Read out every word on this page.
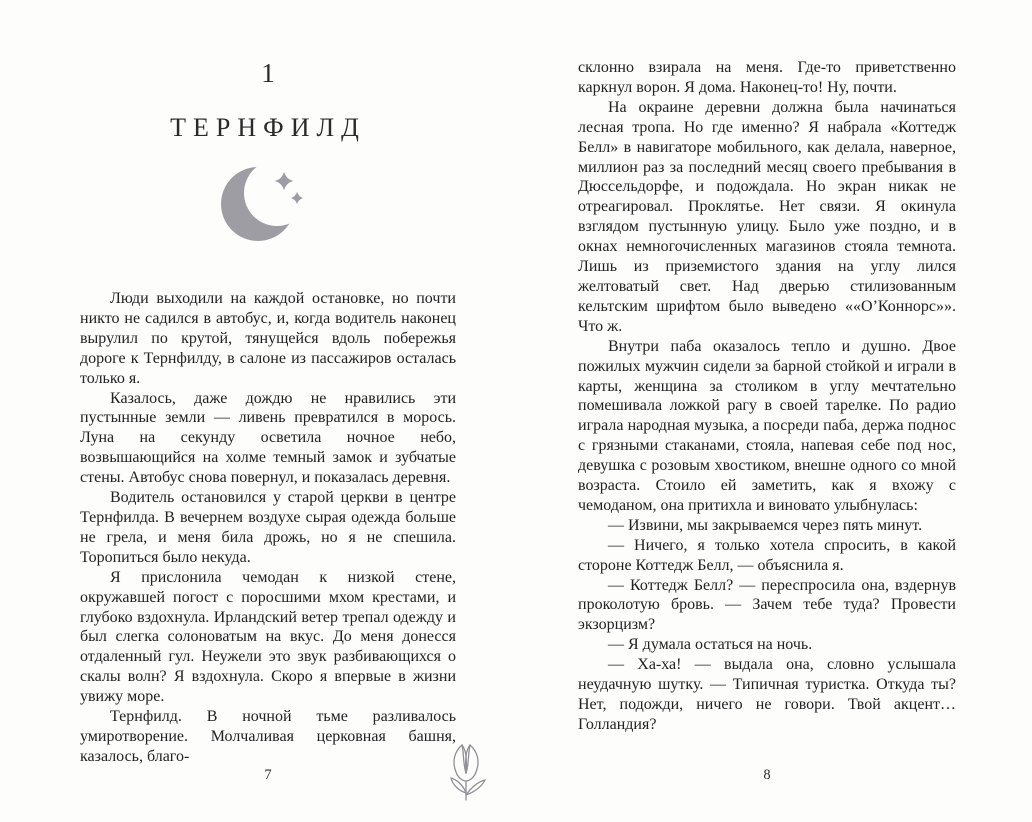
1
ТЕРНФИЛД

Люди выходили на каждой остановке, но почти никто не садился в автобус, и, когда водитель наконец вырулил по крутой, тянущейся вдоль побережья дороге к Тернфилду, в салоне из пассажиров осталась только я.

Казалось, даже дождю не нравились эти пустынные земли — ливень превратился в морось. Луна на секунду осветила ночное небо, возвышающийся на холме темный замок и зубчатые стены. Автобус снова повернул, и показалась деревня.

Водитель остановился у старой церкви в центре Тернфилда. В вечернем воздухе сырая одежда больше не грела, и меня била дрожь, но я не спешила. Торопиться было некуда.

Я прислонила чемодан к низкой стене, окружавшей погост с поросшими мхом крестами, и глубоко вздохнула. Ирландский ветер трепал одежду и был слегка солоноватым на вкус. До меня донесся отдаленный гул. Неужели это звук разбивающихся о скалы волн? Я вздохнула. Скоро я впервые в жизни увижу море.

Тернфилд. В ночной тьме разливалось умиротворение. Молчаливая церковная башня, казалось, благо-

7

склонно взирала на меня. Где-то приветственно каркнул ворон. Я дома. Наконец-то! Ну, почти.

На окраине деревни должна была начинаться лесная тропа. Но где именно? Я набрала «Коттедж Белл» в навигаторе мобильного, как делала, наверное, миллион раз за последний месяц своего пребывания в Дюссельдорфе, и подождала. Но экран никак не отреагировал. Проклятье. Нет связи. Я окинула взглядом пустынную улицу. Было уже поздно, и в окнах немногочисленных магазинов стояла темнота. Лишь из приземистого здания на углу лился желтоватый свет. Над дверью стилизованным кельтским шрифтом было выведено ««О’Коннорс»». Что ж.

Внутри паба оказалось тепло и душно. Двое пожилых мужчин сидели за барной стойкой и играли в карты, женщина за столиком в углу мечтательно помешивала ложкой рагу в своей тарелке. По радио играла народная музыка, а посреди паба, держа поднос с грязными стаканами, стояла, напевая себе под нос, девушка с розовым хвостиком, внешне одного со мной возраста. Стоило ей заметить, как я вхожу с чемоданом, она притихла и виновато улыбнулась:

— Извини, мы закрываемся через пять минут.

— Ничего, я только хотела спросить, в какой стороне Коттедж Белл, — объяснила я.

— Коттедж Белл? — переспросила она, вздернув проколотую бровь. — Зачем тебе туда? Провести экзорцизм?

— Я думала остаться на ночь.

— Ха-ха! — выдала она, словно услышала неудачную шутку. — Типичная туристка. Откуда ты? Нет, подожди, ничего не говори. Твой акцент… Голландия?

8
